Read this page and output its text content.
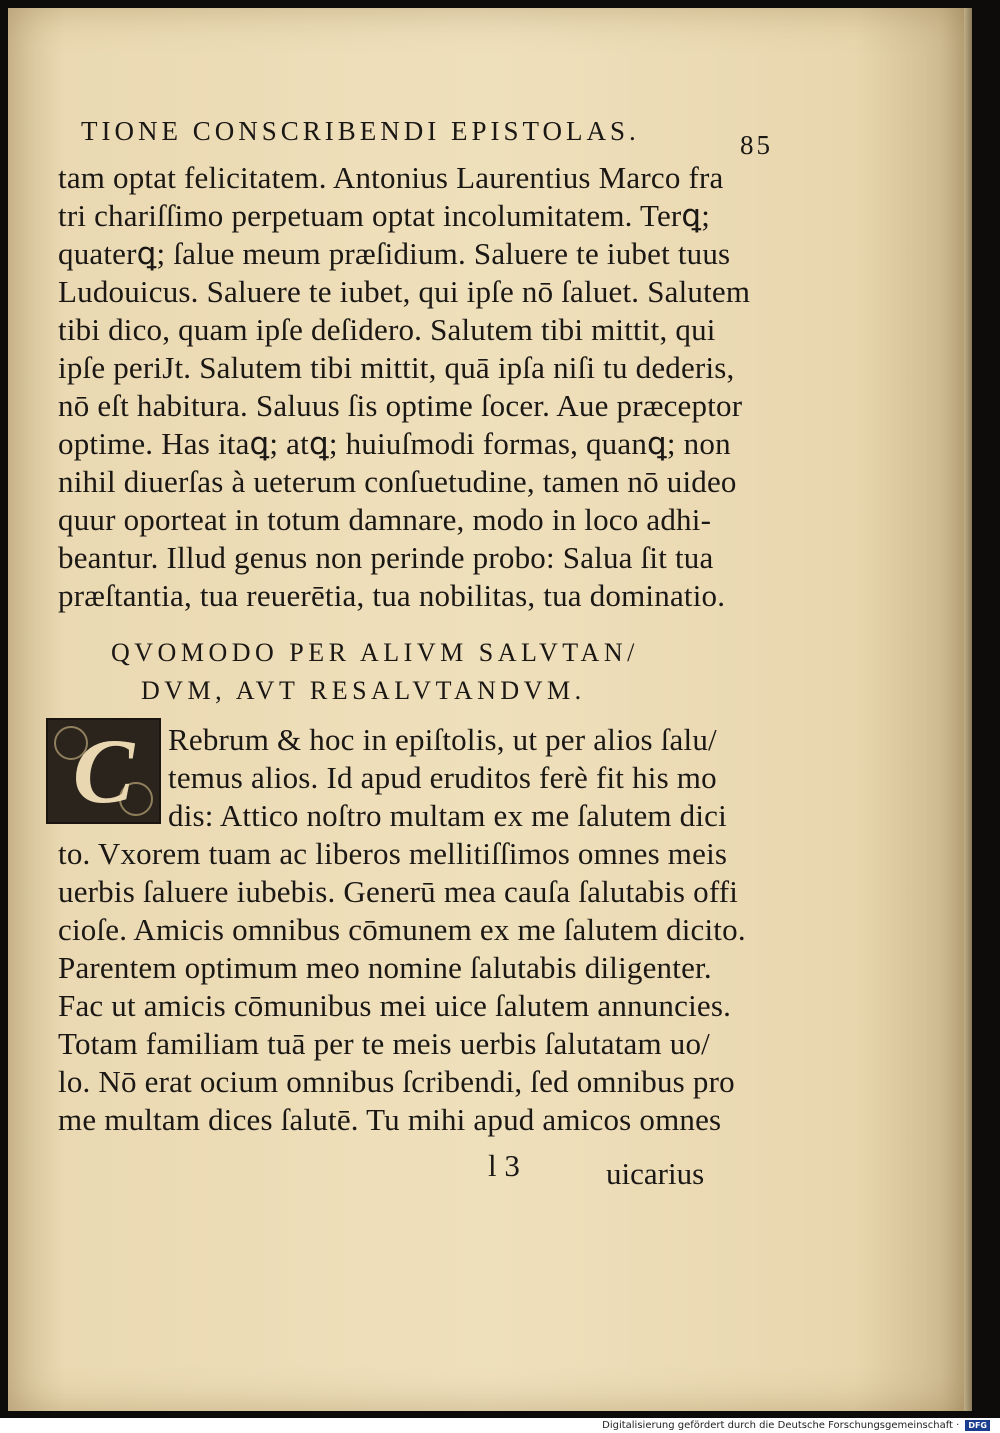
TIONE CONSCRIBENDI EPISTOLAS.	85
tam optat felicitatem. Antonius Laurentius Marco fra
tri chariſſimo perpetuam optat incolumitatem. Terꝗ;
quaterꝗ; ſalue meum præſidium. Saluere te iubet tuus
Ludouicus. Saluere te iubet, qui ipſe nō ſaluet. Salutem
tibi dico, quam ipſe deſidero. Salutem tibi mittit, qui
ipſe periJt. Salutem tibi mittit, quā ipſa niſi tu dederis,
nō eſt habitura. Saluus ſis optime ſocer. Aue præceptor
optime. Has itaꝗ; atꝗ; huiuſmodi formas, quanꝗ; non
nihil diuerſas à ueterum conſuetudine, tamen nō uideo
quur oporteat in totum damnare, modo in loco adhi-
beantur. Illud genus non perinde probo: Salua ſit tua
præſtantia, tua reuerētia, tua nobilitas, tua dominatio.
QVOMODO PER ALIVM SALVTAN/
DVM, AVT RESALVTANDVM.
C	Rebrum & hoc in epiſtolis, ut per alios ſalu/
temus alios. Id apud eruditos ferè fit his mo
dis: Attico noſtro multam ex me ſalutem dici
to. Vxorem tuam ac liberos mellitiſſimos omnes meis
uerbis ſaluere iubebis. Generū mea cauſa ſalutabis offi
cioſe. Amicis omnibus cōmunem ex me ſalutem dicito.
Parentem optimum meo nomine ſalutabis diligenter.
Fac ut amicis cōmunibus mei uice ſalutem annuncies.
Totam familiam tuā per te meis uerbis ſalutatam uo/
lo. Nō erat ocium omnibus ſcribendi, ſed omnibus pro
me multam dices ſalutē. Tu mihi apud amicos omnes
l 3	uicarius
Digitalisierung gefördert durch die Deutsche Forschungsgemeinschaft ·	DFG
